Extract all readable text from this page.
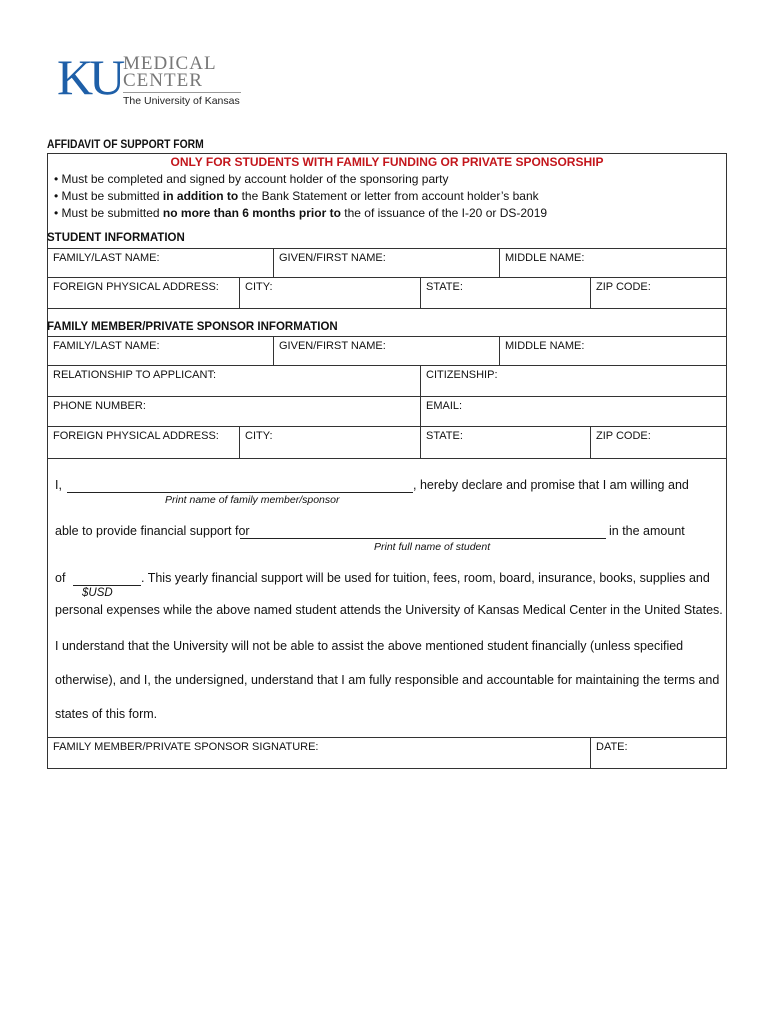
KU MEDICAL
CENTER
The University of Kansas
AFFIDAVIT OF SUPPORT FORM
ONLY FOR STUDENTS WITH FAMILY FUNDING OR PRIVATE SPONSORSHIP
• Must be completed and signed by account holder of the sponsoring party
• Must be submitted in addition to the Bank Statement or letter from account holder’s bank
• Must be submitted no more than 6 months prior to the of issuance of the I-20 or DS-2019
STUDENT INFORMATION
FAMILY/LAST NAME:	GIVEN/FIRST NAME:	MIDDLE NAME:
FOREIGN PHYSICAL ADDRESS:	CITY:	STATE:	ZIP CODE:
FAMILY MEMBER/PRIVATE SPONSOR INFORMATION
FAMILY/LAST NAME:	GIVEN/FIRST NAME:	MIDDLE NAME:
RELATIONSHIP TO APPLICANT:	CITIZENSHIP:
PHONE NUMBER:	EMAIL:
FOREIGN PHYSICAL ADDRESS:	CITY:	STATE:	ZIP CODE:
I,	, hereby declare and promise that I am willing and
Print name of family member/sponsor
able to provide financial support for	in the amount
Print full name of student
of	. This yearly financial support will be used for tuition, fees, room, board, insurance, books, supplies and
$USD
personal expenses while the above named student attends the University of Kansas Medical Center in the United States.
I understand that the University will not be able to assist the above mentioned student financially (unless specified
otherwise), and I, the undersigned, understand that I am fully responsible and accountable for maintaining the terms and
states of this form.
FAMILY MEMBER/PRIVATE SPONSOR SIGNATURE:	DATE:
